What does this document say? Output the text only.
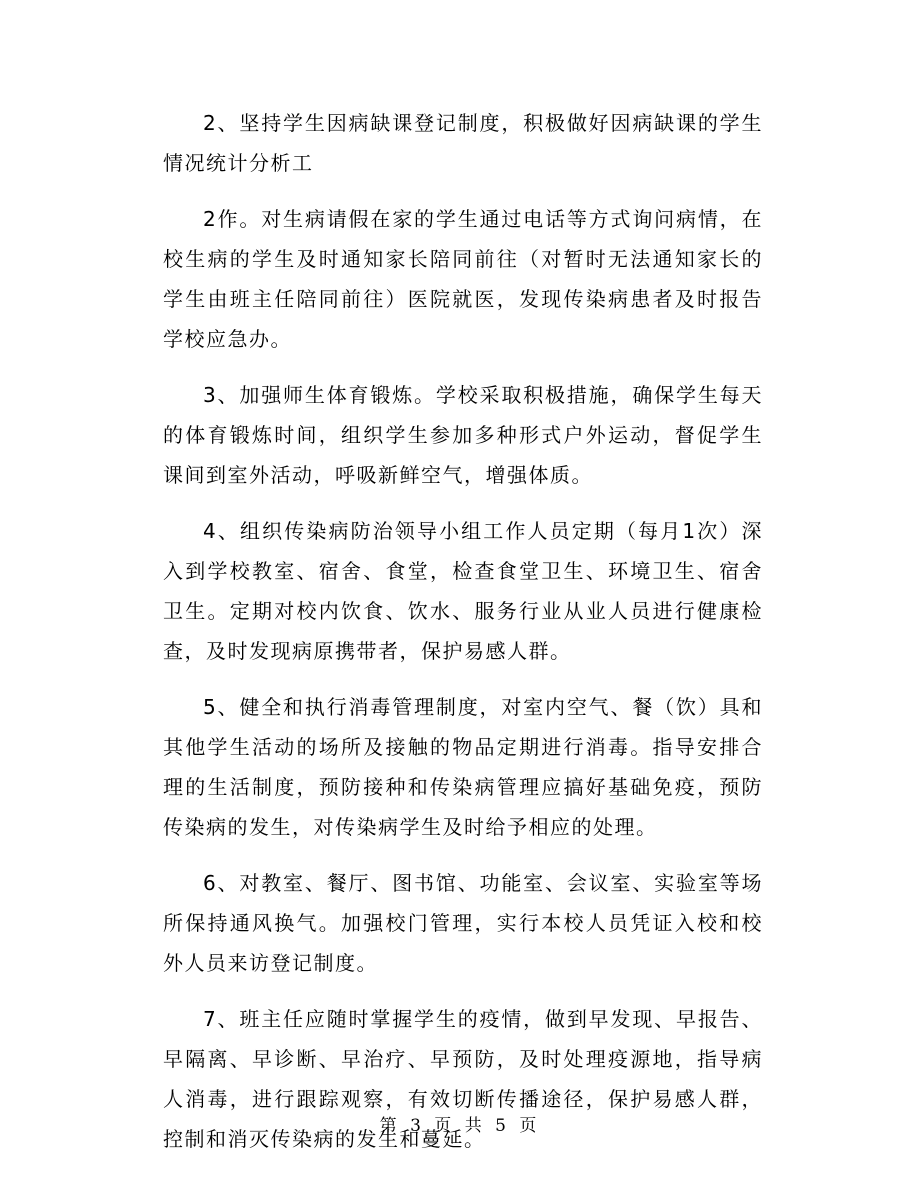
2、坚持学生因病缺课登记制度，积极做好因病缺课的学生情况统计分析工

2作。对生病请假在家的学生通过电话等方式询问病情，在校生病的学生及时通知家长陪同前往（对暂时无法通知家长的学生由班主任陪同前往）医院就医，发现传染病患者及时报告学校应急办。

3、加强师生体育锻炼。学校采取积极措施，确保学生每天的体育锻炼时间，组织学生参加多种形式户外运动，督促学生课间到室外活动，呼吸新鲜空气，增强体质。

4、组织传染病防治领导小组工作人员定期（每月1次）深入到学校教室、宿舍、食堂，检查食堂卫生、环境卫生、宿舍卫生。定期对校内饮食、饮水、服务行业从业人员进行健康检查，及时发现病原携带者，保护易感人群。

5、健全和执行消毒管理制度，对室内空气、餐（饮）具和其他学生活动的场所及接触的物品定期进行消毒。指导安排合理的生活制度，预防接种和传染病管理应搞好基础免疫，预防传染病的发生，对传染病学生及时给予相应的处理。

6、对教室、餐厅、图书馆、功能室、会议室、实验室等场所保持通风换气。加强校门管理，实行本校人员凭证入校和校外人员来访登记制度。

7、班主任应随时掌握学生的疫情，做到早发现、早报告、早隔离、早诊断、早治疗、早预防，及时处理疫源地，指导病人消毒，进行跟踪观察，有效切断传播途径，保护易感人群，控制和消灭传染病的发生和蔓延。

第 3 页 共 5 页
